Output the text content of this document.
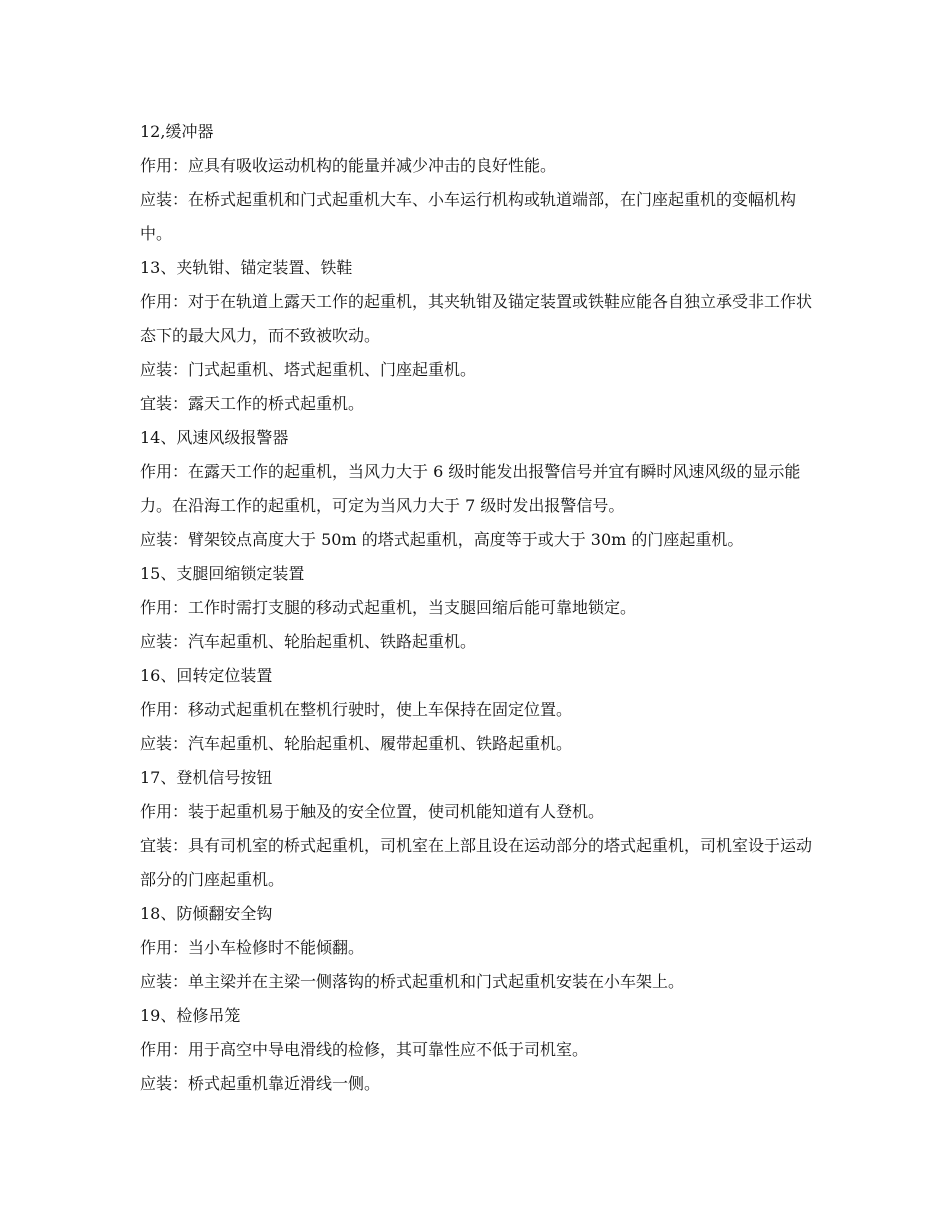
12,缓冲器

作用：应具有吸收运动机构的能量并减少冲击的良好性能。

应装：在桥式起重机和门式起重机大车、小车运行机构或轨道端部，在门座起重机的变幅机构中。

13、夹轨钳、锚定装置、铁鞋

作用：对于在轨道上露天工作的起重机，其夹轨钳及锚定装置或铁鞋应能各自独立承受非工作状态下的最大风力，而不致被吹动。

应装：门式起重机、塔式起重机、门座起重机。

宜装：露天工作的桥式起重机。

14、风速风级报警器

作用：在露天工作的起重机，当风力大于 6 级时能发出报警信号并宜有瞬时风速风级的显示能力。在沿海工作的起重机，可定为当风力大于 7 级时发出报警信号。

应装：臂架铰点高度大于 50m 的塔式起重机，高度等于或大于 30m 的门座起重机。

15、支腿回缩锁定装置

作用：工作时需打支腿的移动式起重机，当支腿回缩后能可靠地锁定。

应装：汽车起重机、轮胎起重机、铁路起重机。

16、回转定位装置

作用：移动式起重机在整机行驶时，使上车保持在固定位置。

应装：汽车起重机、轮胎起重机、履带起重机、铁路起重机。

17、登机信号按钮

作用：装于起重机易于触及的安全位置，使司机能知道有人登机。

宜装：具有司机室的桥式起重机，司机室在上部且设在运动部分的塔式起重机，司机室设于运动部分的门座起重机。

18、防倾翻安全钩

作用：当小车检修时不能倾翻。

应装：单主梁并在主梁一侧落钩的桥式起重机和门式起重机安装在小车架上。

19、检修吊笼

作用：用于高空中导电滑线的检修，其可靠性应不低于司机室。

应装：桥式起重机靠近滑线一侧。
